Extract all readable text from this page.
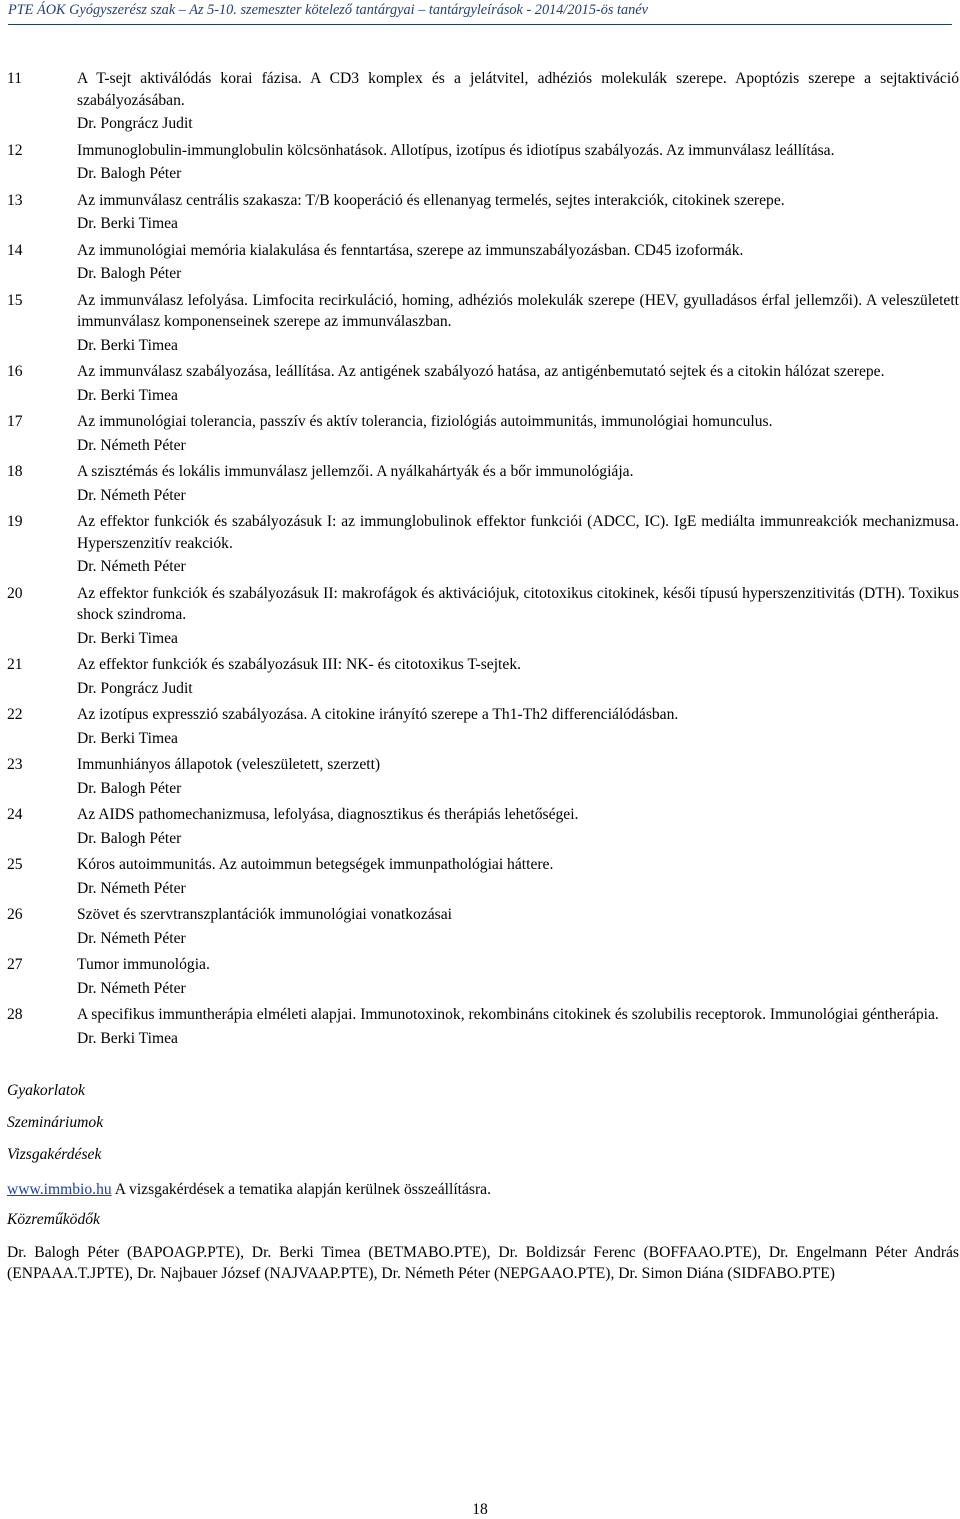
PTE ÁOK Gyógyszerész szak – Az 5-10. szemeszter kötelező tantárgyai – tantárgyleírások - 2014/2015-ös tanév
11	A T-sejt aktiválódás korai fázisa. A CD3 komplex és a jelátvitel, adhéziós molekulák szerepe. Apoptózis szerepe a sejtaktiváció szabályozásában.

Dr. Pongrácz Judit

12	Immunoglobulin-immunglobulin kölcsönhatások. Allotípus, izotípus és idiotípus szabályozás. Az immunválasz leállítása.

Dr. Balogh Péter

13	Az immunválasz centrális szakasza: T/B kooperáció és ellenanyag termelés, sejtes interakciók, citokinek szerepe.

Dr. Berki Timea

14	Az immunológiai memória kialakulása és fenntartása, szerepe az immunszabályozásban. CD45 izoformák.

Dr. Balogh Péter

15	Az immunválasz lefolyása. Limfocita recirkuláció, homing, adhéziós molekulák szerepe (HEV, gyulladásos érfal jellemzői). A veleszületett immunválasz komponenseinek szerepe az immunválaszban.

Dr. Berki Timea

16	Az immunválasz szabályozása, leállítása. Az antigének szabályozó hatása, az antigénbemutató sejtek és a citokin hálózat szerepe.

Dr. Berki Timea

17	Az immunológiai tolerancia, passzív és aktív tolerancia, fiziológiás autoimmunitás, immunológiai homunculus.

Dr. Németh Péter

18	A szisztémás és lokális immunválasz jellemzői. A nyálkahártyák és a bőr immunológiája.

Dr. Németh Péter

19	Az effektor funkciók és szabályozásuk I: az immunglobulinok effektor funkciói (ADCC, IC). IgE mediálta immunreakciók mechanizmusa. Hyperszenzitív reakciók.

Dr. Németh Péter

20	Az effektor funkciók és szabályozásuk II: makrofágok és aktivációjuk, citotoxikus citokinek, késői típusú hyperszenzitivitás (DTH). Toxikus shock szindroma.

Dr. Berki Timea

21	Az effektor funkciók és szabályozásuk III: NK- és citotoxikus T-sejtek.

Dr. Pongrácz Judit

22	Az izotípus expresszió szabályozása. A citokine irányító szerepe a Th1-Th2 differenciálódásban.

Dr. Berki Timea

23	Immunhiányos állapotok (veleszületett, szerzett)

Dr. Balogh Péter

24	Az AIDS pathomechanizmusa, lefolyása, diagnosztikus és therápiás lehetőségei.

Dr. Balogh Péter

25	Kóros autoimmunitás. Az autoimmun betegségek immunpathológiai háttere.

Dr. Németh Péter

26	Szövet és szervtranszplantációk immunológiai vonatkozásai

Dr. Németh Péter

27	Tumor immunológia.

Dr. Németh Péter

28	A specifikus immuntherápia elméleti alapjai. Immunotoxinok, rekombináns citokinek és szolubilis receptorok. Immunológiai géntherápia.

Dr. Berki Timea

Gyakorlatok
Szemináriumok
Vizsgakérdések
www.immbio.hu A vizsgakérdések a tematika alapján kerülnek összeállításra.
Közreműködők
Dr. Balogh Péter (BAPOAGP.PTE), Dr. Berki Timea (BETMABO.PTE), Dr. Boldizsár Ferenc (BOFFAAO.PTE), Dr. Engelmann Péter András (ENPAAA.T.JPTE), Dr. Najbauer József (NAJVAAP.PTE), Dr. Németh Péter (NEPGAAO.PTE), Dr. Simon Diána (SIDFABO.PTE)
18
